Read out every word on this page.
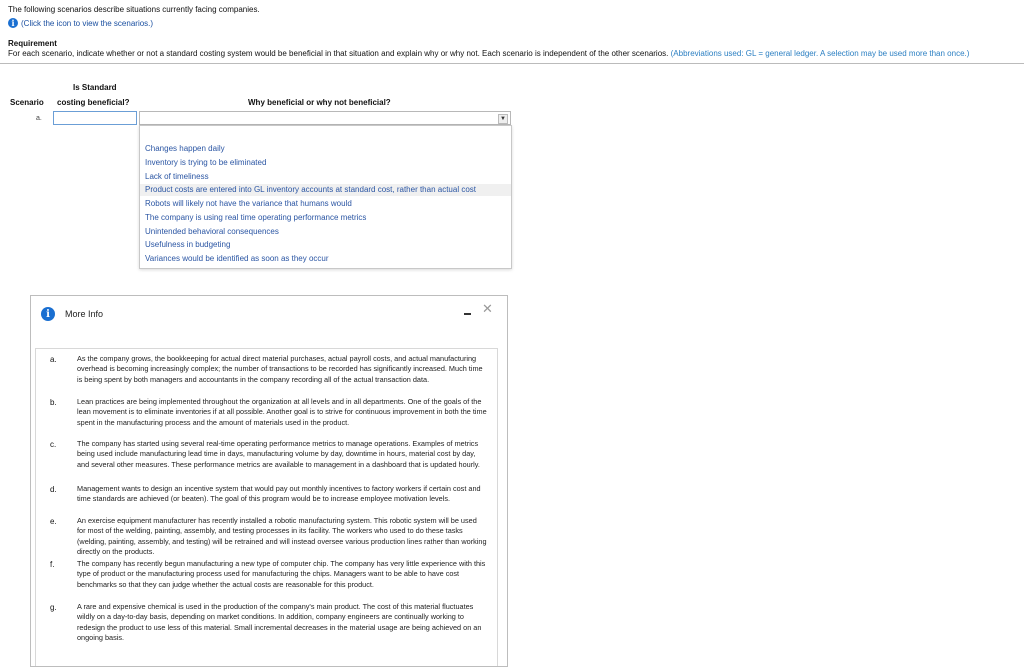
The following scenarios describe situations currently facing companies.
i (Click the icon to view the scenarios.)
Requirement
For each scenario, indicate whether or not a standard costing system would be beneficial in that situation and explain why or why not. Each scenario is independent of the other scenarios. (Abbreviations used: GL = general ledger. A selection may be used more than once.)
Is Standard
Scenario costing beneficial?	Why beneficial or why not beneficial?
a.	▼
Changes happen daily
Inventory is trying to be eliminated
Lack of timeliness
Product costs are entered into GL inventory accounts at standard cost, rather than actual cost
Robots will likely not have the variance that humans would
The company is using real time operating performance metrics
Unintended behavioral consequences
Usefulness in budgeting
Variances would be identified as soon as they occur
i	More Info	✕
a.	As the company grows, the bookkeeping for actual direct material purchases, actual payroll costs, and actual manufacturing overhead is becoming increasingly complex; the number of transactions to be recorded has significantly increased. Much time is being spent by both managers and accountants in the company recording all of the actual transaction data.
b.	Lean practices are being implemented throughout the organization at all levels and in all departments. One of the goals of the lean movement is to eliminate inventories if at all possible. Another goal is to strive for continuous improvement in both the time spent in the manufacturing process and the amount of materials used in the product.
c.	The company has started using several real-time operating performance metrics to manage operations. Examples of metrics being used include manufacturing lead time in days, manufacturing volume by day, downtime in hours, material cost by day, and several other measures. These performance metrics are available to management in a dashboard that is updated hourly.
d.	Management wants to design an incentive system that would pay out monthly incentives to factory workers if certain cost and time standards are achieved (or beaten). The goal of this program would be to increase employee motivation levels.
e.	An exercise equipment manufacturer has recently installed a robotic manufacturing system. This robotic system will be used for most of the welding, painting, assembly, and testing processes in its facility. The workers who used to do these tasks (welding, painting, assembly, and testing) will be retrained and will instead oversee various production lines rather than working directly on the products.
f.	The company has recently begun manufacturing a new type of computer chip. The company has very little experience with this type of product or the manufacturing process used for manufacturing the chips. Managers want to be able to have cost benchmarks so that they can judge whether the actual costs are reasonable for this product.
g.	A rare and expensive chemical is used in the production of the company's main product. The cost of this material fluctuates wildly on a day-to-day basis, depending on market conditions. In addition, company engineers are continually working to redesign the product to use less of this material. Small incremental decreases in the material usage are being achieved on an ongoing basis.
